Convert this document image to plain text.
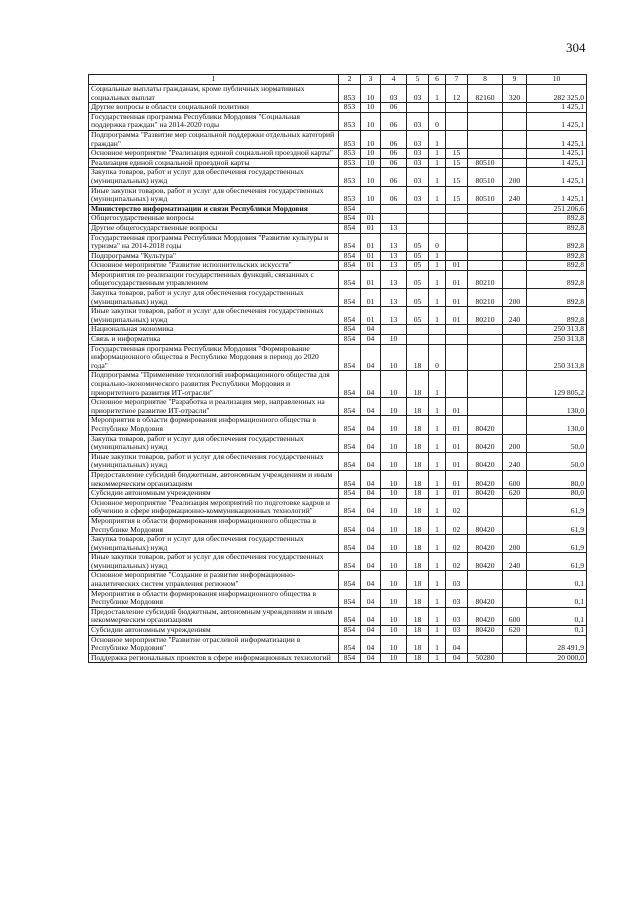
304
1	2	3	4	5	6	7	8	9	10
Социальные выплаты гражданам, кроме публичных нормативных социальных выплат	853	10	03	03	1	12	82160	320	282 325,0
Другие вопросы в области социальной политики	853	10	06						1 425,1
Государственная программа Республики Мордовия "Социальная поддержка граждан" на 2014-2020 годы	853	10	06	03	0				1 425,1
Подпрограмма "Развитие мер социальной поддержки отдельных категорий граждан"	853	10	06	03	1				1 425,1
Основное мероприятие "Реализация единой социальной проездной карты"	853	10	06	03	1	15			1 425,1
Реализация единой социальной проездной карты	853	10	06	03	1	15	80510		1 425,1
Закупка товаров, работ и услуг для обеспечения государственных (муниципальных) нужд	853	10	06	03	1	15	80510	200	1 425,1
Иные закупки товаров, работ и услуг для обеспечения государственных (муниципальных) нужд	853	10	06	03	1	15	80510	240	1 425,1
Министерство информатизации и связи Республики Мордовия	854								251 206,6
Общегосударственные вопросы	854	01							892,8
Другие общегосударственные вопросы	854	01	13						892,8
Государственная программа Республики Мордовия "Развитие культуры и туризма" на 2014-2018 годы	854	01	13	05	0				892,8
Подпрограмма "Культура"	854	01	13	05	1				892,8
Основное мероприятие "Развитие исполнительских искусств"	854	01	13	05	1	01			892,8
Мероприятия по реализации государственных функций, связанных с общегосударственным управлением	854	01	13	05	1	01	80210		892,8
Закупка товаров, работ и услуг для обеспечения государственных (муниципальных) нужд	854	01	13	05	1	01	80210	200	892,8
Иные закупки товаров, работ и услуг для обеспечения государственных (муниципальных) нужд	854	01	13	05	1	01	80210	240	892,8
Национальная экономика	854	04							250 313,8
Связь и информатика	854	04	10						250 313,8
Государственная программа Республики Мордовия "Формирование информационного общества в Республике Мордовия в период до 2020 года"	854	04	10	18	0				250 313,8
Подпрограмма "Применение технологий информационного общества для социально-экономического развития Республики Мордовия и приоритетного развития ИТ-отрасли"	854	04	10	18	1				129 805,2
Основное мероприятие "Разработка и реализация мер, направленных на приоритетное развитие ИТ-отрасли"	854	04	10	18	1	01			130,0
Мероприятия в области формирования информационного общества в Республике Мордовия	854	04	10	18	1	01	80420		130,0
Закупка товаров, работ и услуг для обеспечения государственных (муниципальных) нужд	854	04	10	18	1	01	80420	200	50,0
Иные закупки товаров, работ и услуг для обеспечения государственных (муниципальных) нужд	854	04	10	18	1	01	80420	240	50,0
Предоставление субсидий бюджетным, автономным учреждениям и иным некоммерческим организациям	854	04	10	18	1	01	80420	600	80,0
Субсидии автономным учреждениям	854	04	10	18	1	01	80420	620	80,0
Основное мероприятие "Реализация мероприятий по подготовке кадров и обучению в сфере информационно-коммуникационных технологий"	854	04	10	18	1	02			61,9
Мероприятия в области формирования информационного общества в Республике Мордовия	854	04	10	18	1	02	80420		61,9
Закупка товаров, работ и услуг для обеспечения государственных (муниципальных) нужд	854	04	10	18	1	02	80420	200	61,9
Иные закупки товаров, работ и услуг для обеспечения государственных (муниципальных) нужд	854	04	10	18	1	02	80420	240	61,9
Основное мероприятие "Создание и развитие информационно-аналитических систем управления регионом"	854	04	10	18	1	03			0,1
Мероприятия в области формирования информационного общества в Республике Мордовия	854	04	10	18	1	03	80420		0,1
Предоставление субсидий бюджетным, автономным учреждениям и иным некоммерческим организациям	854	04	10	18	1	03	80420	600	0,1
Субсидии автономным учреждениям	854	04	10	18	1	03	80420	620	0,1
Основное мероприятие "Развитие отраслевой информатизации в Республике Мордовия"	854	04	10	18	1	04			28 491,9
Поддержка региональных проектов в сфере информационных технологий	854	04	10	18	1	04	50280		20 000,0
